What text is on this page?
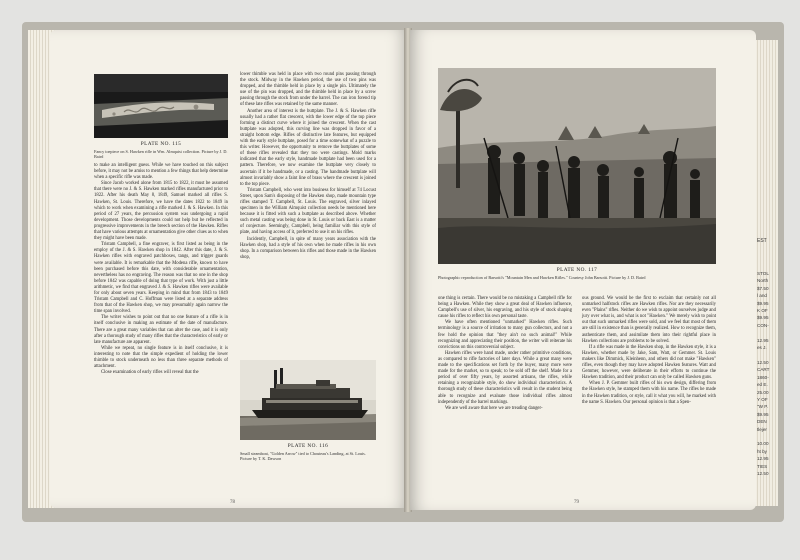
PLATE NO. 115
Fancy toepiece on S. Hawken rifle in Wm. Almquist collection. Picture by J. D. Baird

to make an intelligent guess. While we have touched on this subject before, it may not be amiss to mention a few things that help determine when a specific rifle was made.

Since Jacob worked alone from 1815 to 1822, it must be assumed that there were no J. & S. Hawken marked rifles manufactured prior to 1822. After his death May 8, 1849, Samuel marked all rifles S. Hawken, St. Louis. Therefore, we have the dates 1822 to 1849 in which to work when examining a rifle marked J. & S. Hawken. In this period of 27 years, the percussion system was undergoing a rapid development. Those developments could not help but be reflected in progressive improvements in the breech section of the Hawken. Rifles that have various attempts at ornamentation give other clues as to when they might have been made.

Tristam Campbell, a fine engraver, is first listed as being in the employ of the J. & S. Hawken shop in 1842. After this date, J. & S. Hawken rifles with engraved patchboxes, tangs, and trigger guards were available. It is remarkable that the Modena rifle, known to have been purchased before this date, with considerable ornamentation, nevertheless has no engraving. The reason was that no one in the shop before 1842 was capable of doing that type of work. With just a little arithmetic, we find that engraved J. & S. Hawken rifles were available for only about seven years. Keeping in mind that from 1843 to 1849 Tristam Campbell and C. Hoffman were listed at a separate address from that of the Hawken shop, we may presumably again narrow the time span involved.

The writer wishes to point out that no one feature of a rifle is in itself conclusive in making an estimate of the date of manufacture. There are a great many variables that can alter the case, and it is only after a thorough study of many rifles that the characteristics of early or late manufacture are apparent.

While we repeat, no single feature is in itself conclusive, it is interesting to note that the simple expedient of holding the lower thimble to stock underneath no less than three separate methods of attachment.

Close examination of early rifles will reveal that the

lower thimble was held in place with two round pins passing through the stock. Midway in the Hawken period, the use of two pins was dropped, and the thimble held in place by a single pin. Ultimately the use of the pin was dropped, and the thimble held in place by a screw passing through the stock from under the barrel. The can iron forend tip of these late rifles was retained by the same manner.

Another area of interest is the buttplate. The J. & S. Hawken rifle usually had a rather flat crescent, with the lower edge of the top piece forming a distinct curve where it joined the crescent. When the cast buttplate was adopted, this curving line was dropped in favor of a straight bottom edge. Rifles of distinctive late features, but equipped with the early style buttplate, posed for a time somewhat of a puzzle to this writer. However, the opportunity to remove the buttplates of some of these rifles revealed that they too were castings. Mold marks indicated that the early style, handmade buttplate had been used for a pattern. Therefore, we now examine the buttplate very closely to ascertain if it be handmade, or a casting. The handmade buttplate will almost invariably show a faint line of brass where the crescent is joined to the top piece.

Tristam Campbell, who went into business for himself at 74 Locust Street, upon Sam's disposing of the Hawken shop, made mountain type rifles stamped T. Campbell, St. Louis. The engraved, silver inlayed specimen in the William Almquist collection needs be mentioned here because it is fitted with such a buttplate as described above. Whether such metal casting was being done in St. Louis or back East is a matter of conjecture. Seemingly, Campbell, being familiar with this style of plate, and having access of it, preferred to use it on his rifles.

Incidently, Campbell, in spite of many years association with the Hawken shop, had a style of his own when he made rifles in his own shop. In a comparison between his rifles and those made in the Hawken shop,

PLATE NO. 116
Small steamboat, "Golden Arrow" tied to Chouteau's Landing, at St. Louis. Picture by T. K. Dawson
78
PLATE NO. 117
Photographic reproduction of Barsotti's "Mountain Men and Hawken Rifles." Courtesy John Barsotti. Picture by J. D. Baird

one thing is certain. There would be no mistaking a Campbell rifle for being a Hawken. While they show a great deal of Hawken influence, Campbell's use of silver, his engraving, and his style of stock shaping cause his rifles to reflect his own personal taste.

We have often mentioned "unmarked" Hawken rifles. Such terminology is a source of irritation to many gun collectors, and not a few hold the opinion that "they ain't no such animal!" While recognizing and appreciating their position, the writer will reiterate his convictions on this controversial subject.

Hawken rifles were hand made, under rather primitive conditions, as compared to rifle factories of later days. While a great many were made to the specifications set forth by the buyer, many more were made for the market, so to speak; to be sold off the shelf. Made for a period of over fifty years, by assorted artisans, the rifles, while retaining a recognizable style, do show individual characteristics. A thorough study of these characteristics will result in the student being able to recognize and evaluate those individual rifles almost independently of the barrel markings.

We are well aware that here we are treading danger-

ous ground. We would be the first to exclaim that certainly not all unmarked halfstock rifles are Hawken rifles. Nor are they necessarily even "Plains" rifles. Neither do we wish to appoint ourselves judge and jury over what is, and what is not "Hawken." We merely wish to point out that such unmarked rifles were sold, and we feel that most of them are still in existence than is generally realized. How to recognize them, authenticate them, and assimilate them into their rightful place in Hawken collections are problems to be solved.

If a rifle was made in the Hawken shop, in the Hawken style, it is a Hawken, whether made by Jake, Sam, Watt, or Gemmer. St. Louis makers like Dimmick, Kleinhenn, and others did not make "Hawken" rifles, even though they may have adopted Hawken features. Watt and Gemmer, however, were deliberate in their efforts to continue the Hawken tradition, and their product can only be called Hawken guns.

When J. P. Gemmer built rifles of his own design, differing from the Hawken style, he stamped them with his name. The rifles he made in the Hawken tradition, or style, call it what you will, he marked with the name S. Hawken. Our personal opinion is that a Spen-

79
EST
STOL
North
$7.50
l and
$9.95
K OF
$9.95
CON-

12.95
es J.

12.50
CART
1860-
ed E.
25.00
Y OF
"W P.
$9.95
DEN
tlejer

10.00
ht by
12.95
TIES
12.50
